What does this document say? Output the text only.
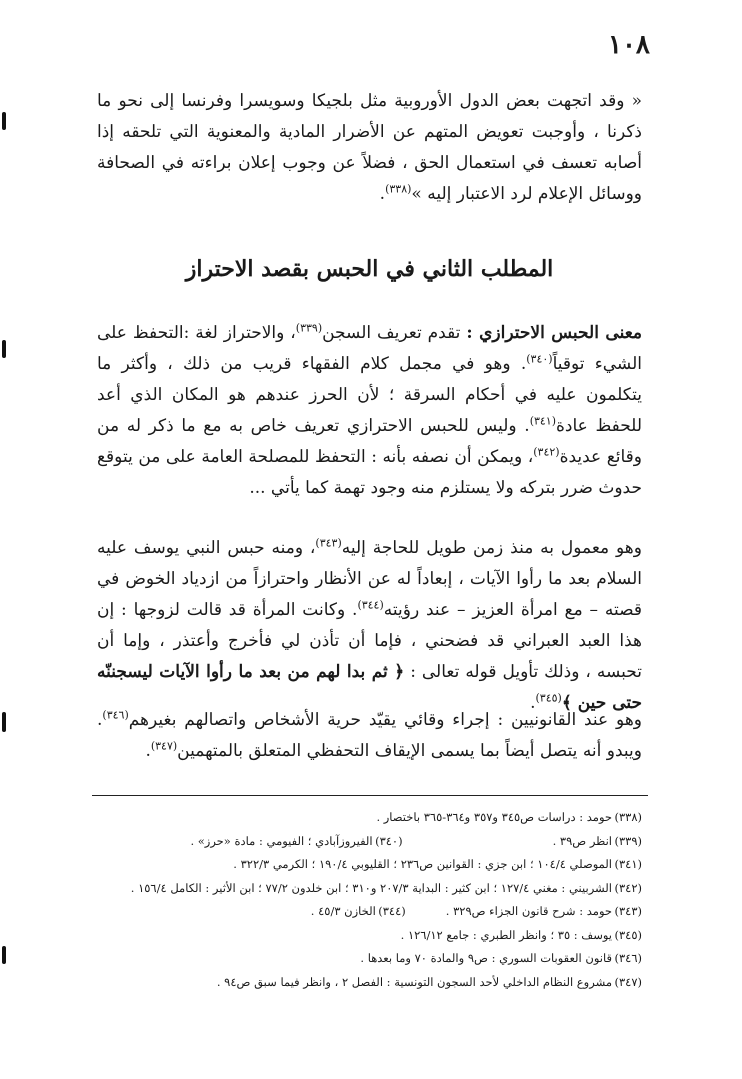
١٠٨

« وقد اتجهت بعض الدول الأوروبية مثل بلجيكا وسويسرا وفرنسا إلى نحو ما ذكرنا ، وأوجبت تعويض المتهم عن الأضرار المادية والمعنوية التي تلحقه إذا أصابه تعسف في استعمال الحق ، فضلاً عن وجوب إعلان براءته في الصحافة ووسائل الإعلام لرد الاعتبار إليه »$^{(٣٣٨)}$.

المطلب الثاني في الحبس بقصد الاحتراز

معنى الحبس الاحترازي : تقدم تعريف السجن$^{(٣٣٩)}$، والاحتراز لغة :التحفظ على الشيء توقياً$^{(٣٤٠)}$. وهو في مجمل كلام الفقهاء قريب من ذلك ، وأكثر ما يتكلمون عليه في أحكام السرقة ؛ لأن الحرز عندهم هو المكان الذي أعد للحفظ عادة$^{(٣٤١)}$. وليس للحبس الاحترازي تعريف خاص به مع ما ذكر له من وقائع عديدة$^{(٣٤٢)}$، ويمكن أن نصفه بأنه : التحفظ للمصلحة العامة على من يتوقع حدوث ضرر بتركه ولا يستلزم منه وجود تهمة كما يأتي ...

وهو معمول به منذ زمن طويل للحاجة إليه$^{(٣٤٣)}$، ومنه حبس النبي يوسف عليه السلام بعد ما رأوا الآيات ، إبعاداً له عن الأنظار واحترازاً من ازدياد الخوض في قصته – مع امرأة العزيز – عند رؤيته$^{(٣٤٤)}$. وكانت المرأة قد قالت لزوجها : إن هذا العبد العبراني قد فضحني ، فإما أن تأذن لي فأخرج وأعتذر ، وإما أن تحبسه ، وذلك تأويل قوله تعالى : ﴿ ثم بدا لهم من بعد ما رأوا الآيات ليسجننّه حتى حين ﴾$^{(٣٤٥)}$.

وهو عند القانونيين : إجراء وقائي يقيّد حرية الأشخاص واتصالهم بغيرهم$^{(٣٤٦)}$. ويبدو أنه يتصل أيضاً بما يسمى الإيقاف التحفظي المتعلق بالمتهمين$^{(٣٤٧)}$.

(٣٣٨)حومد : دراسات ص٣٤٥ و٣٥٧ و٣٦٤-٣٦٥ باختصار .
(٣٣٩)انظر ص٣٩ .(٣٤٠)الفيروزآبادي ؛ الفيومي : مادة «حرز» .
(٣٤١)الموصلي ١٠٤/٤ ؛ ابن جزي : القوانين ص٢٣٦ ؛ القليوبي ١٩٠/٤ ؛ الكرمي ٣٢٢/٣ .
(٣٤٢)الشربيني : مغني ١٢٧/٤ ؛ ابن كثير : البداية ٢٠٧/٣ و٣١٠ ؛ ابن خلدون ٧٧/٢ ؛ ابن الأثير : الكامل ١٥٦/٤ .
(٣٤٣)حومد : شرح قانون الجزاء ص٣٢٩ .(٣٤٤)الخازن ٤٥/٣ .
(٣٤٥)يوسف : ٣٥ ؛ وانظر الطبري : جامع ١٢٦/١٢ .
(٣٤٦)قانون العقوبات السوري : ص٩ والمادة ٧٠ وما بعدها .
(٣٤٧)مشروع النظام الداخلي لأحد السجون التونسية : الفصل ٢ ، وانظر فيما سبق ص٩٤ .
